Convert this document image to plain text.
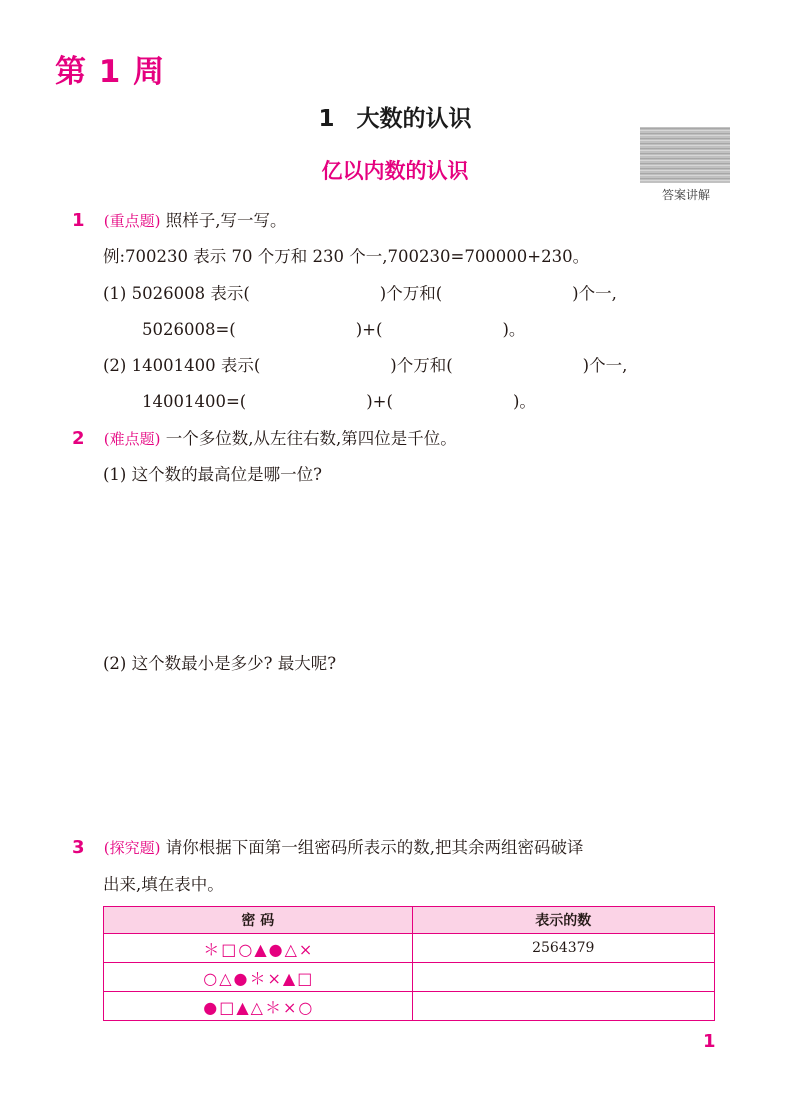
第 1 周
1 大数的认识
亿以内数的认识
答案讲解
1 (重点题) 照样子,写一写。
例:700230 表示 70 个万和 230 个一,700230=700000+230。
(1) 5026008 表示(	)个万和(	)个一,
5026008=(	)+(	)。
(2) 14001400 表示(	)个万和(	)个一,
14001400=(	)+(	)。
2 (难点题) 一个多位数,从左往右数,第四位是千位。
(1) 这个数的最高位是哪一位?
(2) 这个数最小是多少? 最大呢?
3 (探究题) 请你根据下面第一组密码所表示的数,把其余两组密码破译
出来,填在表中。
密 码	表示的数
＊ □ ○ ▲ ● △ ×	2564379
○ △ ● ＊ × ▲ □	
● □ ▲ △ ＊ × ○	
1
